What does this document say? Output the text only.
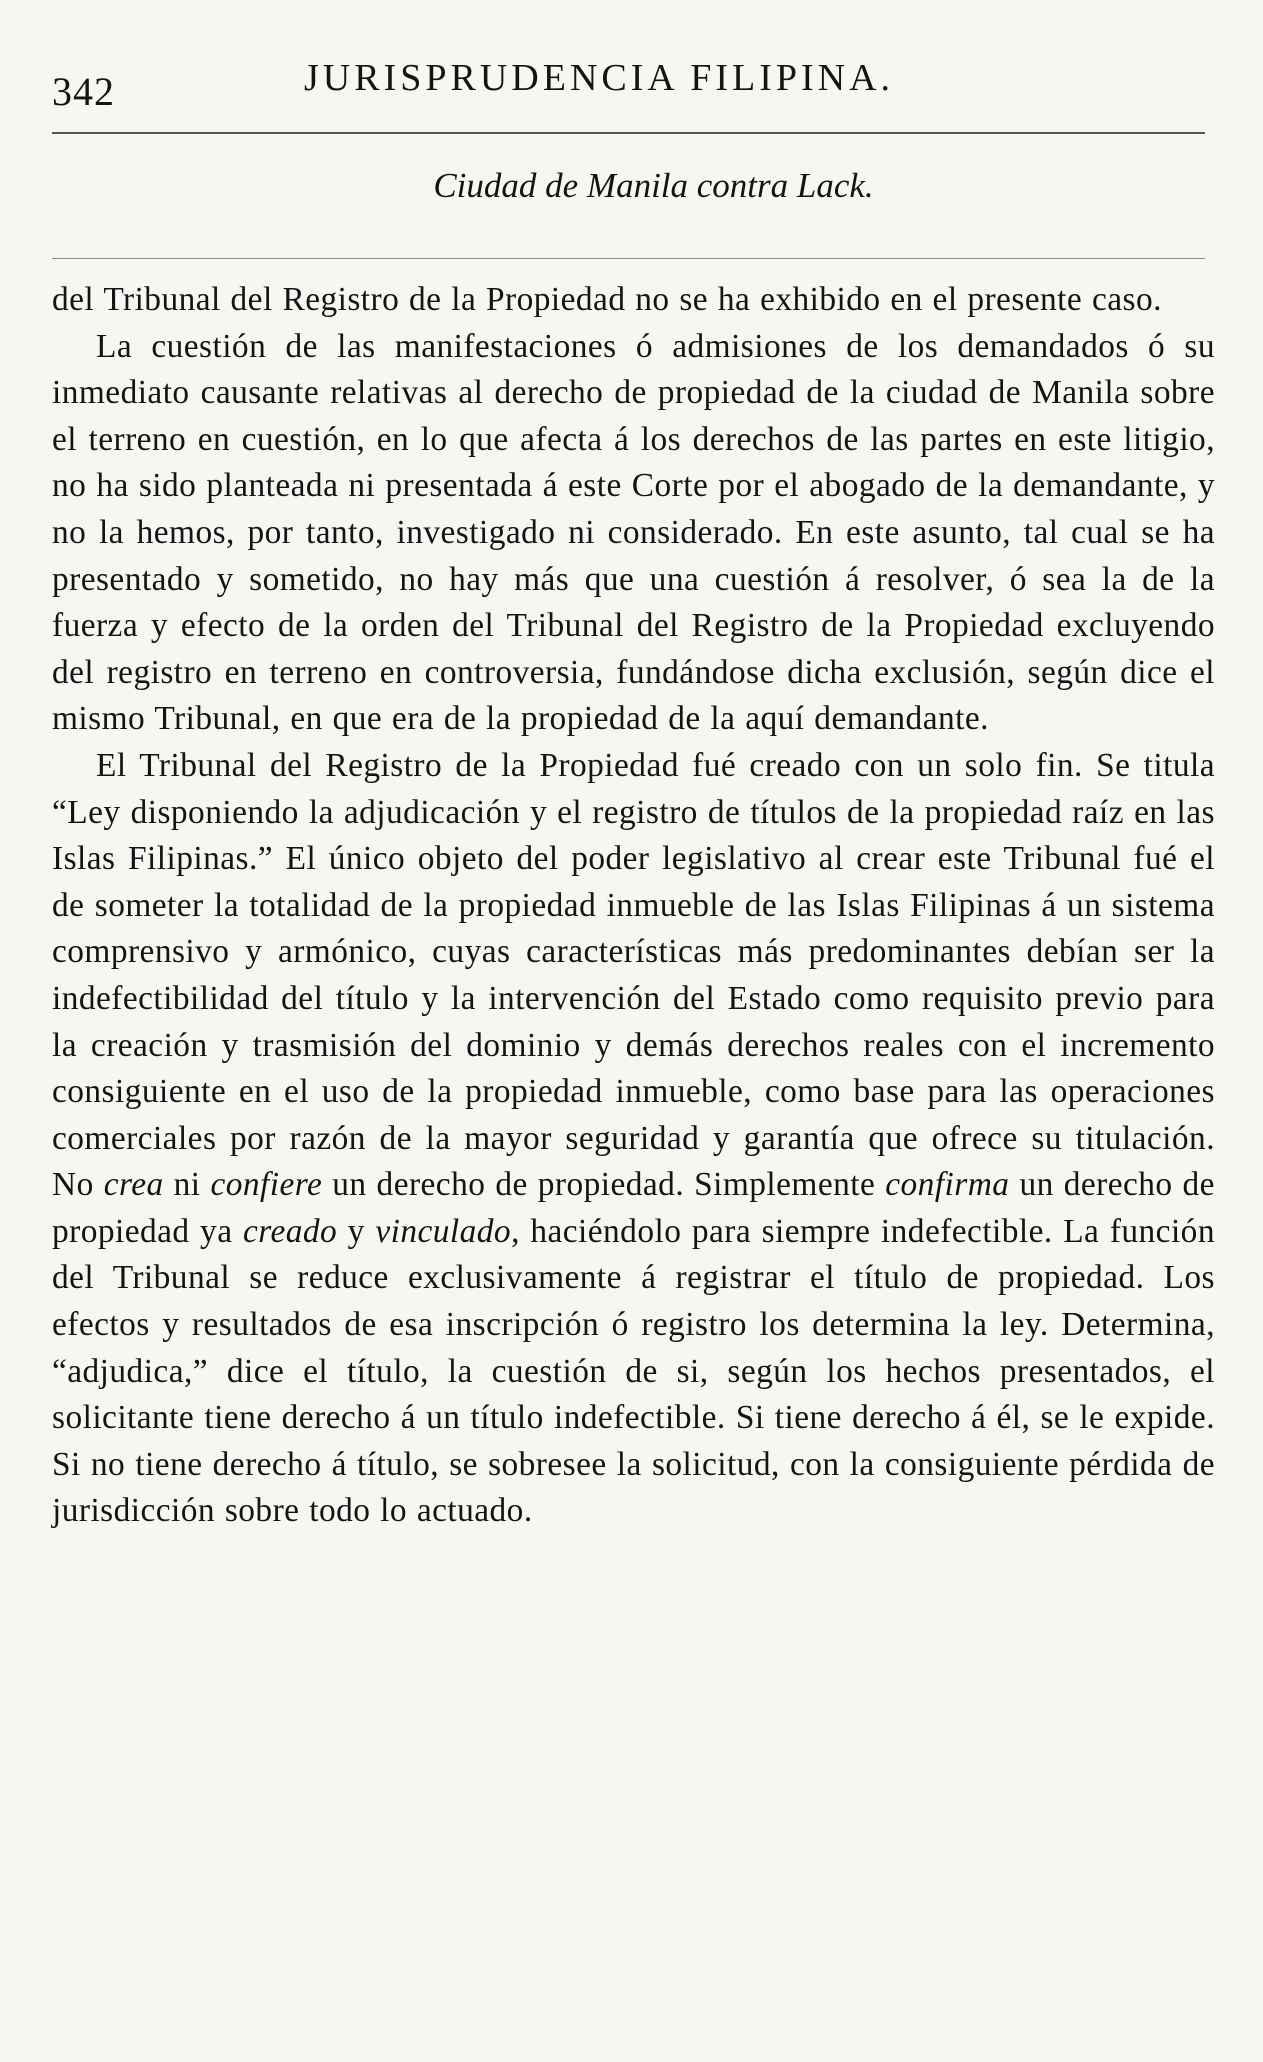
342	JURISPRUDENCIA FILIPINA.
Ciudad de Manila contra Lack.

del Tribunal del Registro de la Propiedad no se ha exhibido en el presente caso.

La cuestión de las manifestaciones ó admisiones de los demandados ó su inmediato causante relativas al derecho de propiedad de la ciudad de Manila sobre el terreno en cuestión, en lo que afecta á los derechos de las partes en este litigio, no ha sido planteada ni presentada á este Corte por el abogado de la demandante, y no la hemos, por tanto, investigado ni considerado. En este asunto, tal cual se ha presentado y sometido, no hay más que una cuestión á resolver, ó sea la de la fuerza y efecto de la orden del Tribunal del Registro de la Propiedad excluyendo del registro en terreno en controversia, fundándose dicha exclusión, según dice el mismo Tribunal, en que era de la propiedad de la aquí demandante.

El Tribunal del Registro de la Propiedad fué creado con un solo fin. Se titula “Ley disponiendo la adjudicación y el registro de títulos de la propiedad raíz en las Islas Filipinas.” El único objeto del poder legislativo al crear este Tribunal fué el de someter la totalidad de la propiedad inmueble de las Islas Filipinas á un sistema comprensivo y armónico, cuyas características más predominantes debían ser la indefectibilidad del título y la intervención del Estado como requisito previo para la creación y trasmisión del dominio y demás derechos reales con el incremento consiguiente en el uso de la propiedad inmueble, como base para las operaciones comerciales por razón de la mayor seguridad y garantía que ofrece su titulación. No crea ni confiere un derecho de propiedad. Simplemente confirma un derecho de propiedad ya creado y vinculado, haciéndolo para siempre indefectible. La función del Tribunal se reduce exclusivamente á registrar el título de propiedad. Los efectos y resultados de esa inscripción ó registro los determina la ley. Determina, “adjudica,” dice el título, la cuestión de si, según los hechos presentados, el solicitante tiene derecho á un título indefectible. Si tiene derecho á él, se le expide. Si no tiene derecho á título, se sobresee la solicitud, con la consiguiente pérdida de jurisdicción sobre todo lo actuado.
